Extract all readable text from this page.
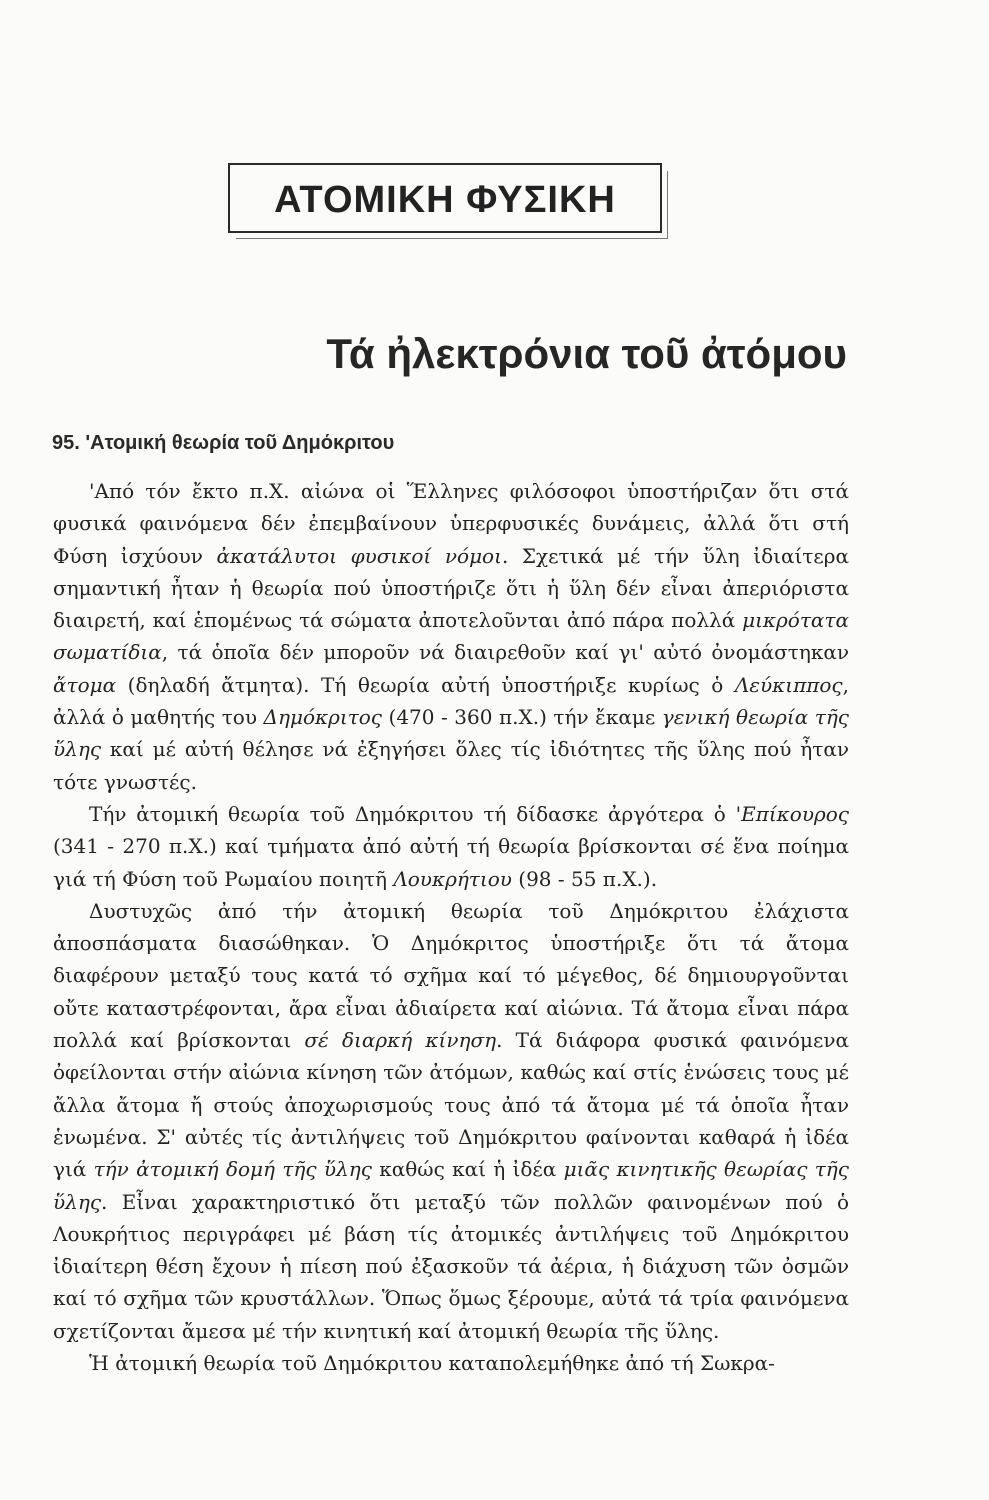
ΑΤΟΜΙΚΗ ΦΥΣΙΚΗ
Τά ἠλεκτρόνια τοῦ ἀτόμου
95. 'Ατομική θεωρία τοῦ Δημόκριτου

'Από τόν ἔκτο π.Χ. αἰώνα οἱ Ἕλληνες φιλόσοφοι ὑποστήριζαν ὅτι στά φυσικά φαινόμενα δέν ἐπεμβαίνουν ὑπερφυσικές δυνάμεις, ἀλλά ὅτι στή Φύση ἰσχύουν ἀκατάλυτοι φυσικοί νόμοι. Σχετικά μέ τήν ὕλη ἰδιαίτερα σημαντική ἦταν ἡ θεωρία πού ὑποστήριζε ὅτι ἡ ὕλη δέν εἶναι ἀπεριόριστα διαιρετή, καί ἑπομένως τά σώματα ἀποτελοῦνται ἀπό πάρα πολλά μικρότατα σωματίδια, τά ὁποῖα δέν μποροῦν νά διαιρεθοῦν καί γι' αὐτό ὀνομάστηκαν ἄτομα (δηλαδή ἄτμητα). Τή θεωρία αὐτή ὑποστήριξε κυρίως ὁ Λεύκιππος, ἀλλά ὁ μαθητής του Δημόκριτος (470 - 360 π.Χ.) τήν ἔκαμε γενική θεωρία τῆς ὕλης καί μέ αὐτή θέλησε νά ἐξηγήσει ὅλες τίς ἰδιότητες τῆς ὕλης πού ἦταν τότε γνωστές.

Τήν ἀτομική θεωρία τοῦ Δημόκριτου τή δίδασκε ἀργότερα ὁ 'Επίκουρος (341 - 270 π.Χ.) καί τμήματα ἀπό αὐτή τή θεωρία βρίσκονται σέ ἕνα ποίημα γιά τή Φύση τοῦ Ρωμαίου ποιητῆ Λουκρήτιου (98 - 55 π.Χ.).

Δυστυχῶς ἀπό τήν ἀτομική θεωρία τοῦ Δημόκριτου ἐλάχιστα ἀποσπάσματα διασώθηκαν. Ὁ Δημόκριτος ὑποστήριξε ὅτι τά ἄτομα διαφέρουν μεταξύ τους κατά τό σχῆμα καί τό μέγεθος, δέ δημιουργοῦνται οὔτε καταστρέφονται, ἄρα εἶναι ἀδιαίρετα καί αἰώνια. Τά ἄτομα εἶναι πάρα πολλά καί βρίσκονται σέ διαρκή κίνηση. Τά διάφορα φυσικά φαινόμενα ὀφείλονται στήν αἰώνια κίνηση τῶν ἀτόμων, καθώς καί στίς ἑνώσεις τους μέ ἄλλα ἄτομα ἤ στούς ἀποχωρισμούς τους ἀπό τά ἄτομα μέ τά ὁποῖα ἦταν ἑνωμένα. Σ' αὐτές τίς ἀντιλήψεις τοῦ Δημόκριτου φαίνονται καθαρά ἡ ἰδέα γιά τήν ἀτομική δομή τῆς ὕλης καθώς καί ἡ ἰδέα μιᾶς κινητικῆς θεωρίας τῆς ὕλης. Εἶναι χαρακτηριστικό ὅτι μεταξύ τῶν πολλῶν φαινομένων πού ὁ Λουκρήτιος περιγράφει μέ βάση τίς ἀτομικές ἀντιλήψεις τοῦ Δημόκριτου ἰδιαίτερη θέση ἔχουν ἡ πίεση πού ἐξασκοῦν τά ἀέρια, ἡ διάχυση τῶν ὀσμῶν καί τό σχῆμα τῶν κρυστάλλων. Ὅπως ὅμως ξέρουμε, αὐτά τά τρία φαινόμενα σχετίζονται ἄμεσα μέ τήν κινητική καί ἀτομική θεωρία τῆς ὕλης.

Ἡ ἀτομική θεωρία τοῦ Δημόκριτου καταπολεμήθηκε ἀπό τή Σωκρα-
